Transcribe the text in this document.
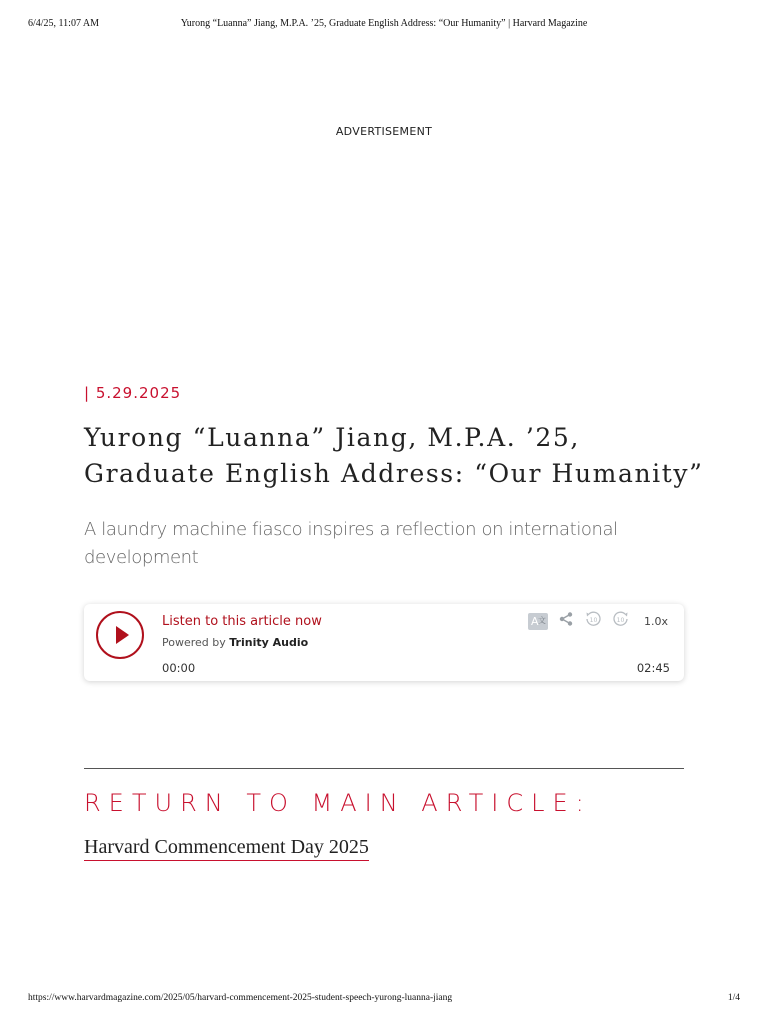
6/4/25, 11:07 AM	Yurong “Luanna” Jiang, M.P.A. ’25, Graduate English Address: “Our Humanity” | Harvard Magazine
ADVERTISEMENT
| 5.29.2025
Yurong “Luanna” Jiang, M.P.A. ’25, Graduate English Address: “Our Humanity”

A laundry machine fiasco inspires a reflection on international development

Listen to this article now
Powered by Trinity Audio
00:00	02:45
A 文	10	10 1.0x
RETURN TO MAIN ARTICLE:
Harvard Commencement Day 2025
https://www.harvardmagazine.com/2025/05/harvard-commencement-2025-student-speech-yurong-luanna-jiang	1/4
